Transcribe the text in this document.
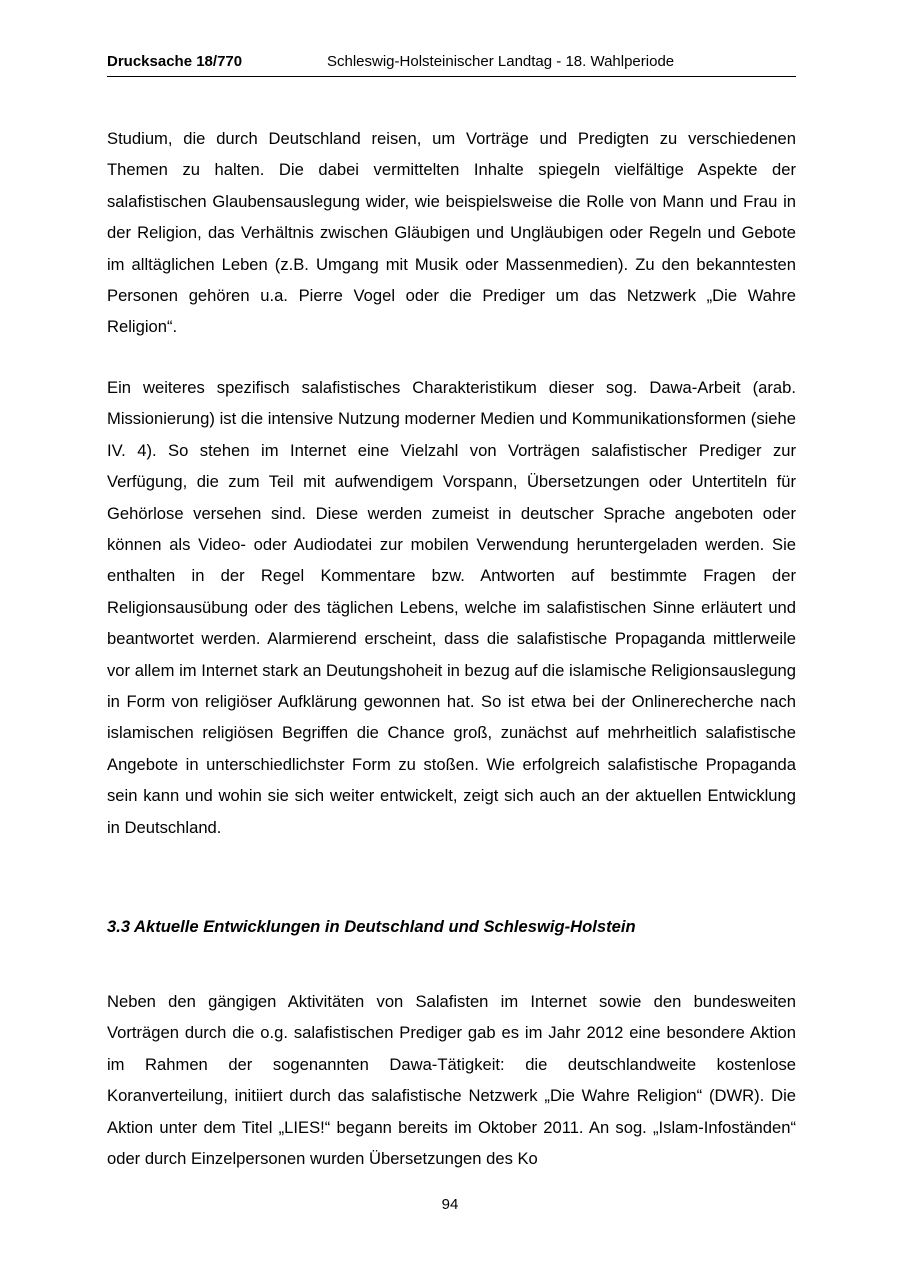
Drucksache 18/770	Schleswig-Holsteinischer Landtag - 18. Wahlperiode
Studium, die durch Deutschland reisen, um Vorträge und Predigten zu verschiedenen Themen zu halten. Die dabei vermittelten Inhalte spiegeln vielfältige Aspekte der salafistischen Glaubensauslegung wider, wie beispielsweise die Rolle von Mann und Frau in der Religion, das Verhältnis zwischen Gläubigen und Ungläubigen oder Regeln und Gebote im alltäglichen Leben (z.B. Umgang mit Musik oder Massenmedien). Zu den bekanntesten Personen gehören u.a. Pierre Vogel oder die Prediger um das Netzwerk „Die Wahre Religion“.
Ein weiteres spezifisch salafistisches Charakteristikum dieser sog. Dawa-Arbeit (arab. Missionierung) ist die intensive Nutzung moderner Medien und Kommunikationsformen (siehe IV. 4). So stehen im Internet eine Vielzahl von Vorträgen salafistischer Prediger zur Verfügung, die zum Teil mit aufwendigem Vorspann, Übersetzungen oder Untertiteln für Gehörlose versehen sind. Diese werden zumeist in deutscher Sprache angeboten oder können als Video- oder Audiodatei zur mobilen Verwendung heruntergeladen werden. Sie enthalten in der Regel Kommentare bzw. Antworten auf bestimmte Fragen der Religionsausübung oder des täglichen Lebens, welche im salafistischen Sinne erläutert und beantwortet werden. Alarmierend erscheint, dass die salafistische Propaganda mittlerweile vor allem im Internet stark an Deutungshoheit in bezug auf die islamische Religionsauslegung in Form von religiöser Aufklärung gewonnen hat. So ist etwa bei der Onlinerecherche nach islamischen religiösen Begriffen die Chance groß, zunächst auf mehrheitlich salafistische Angebote in unterschiedlichster Form zu stoßen. Wie erfolgreich salafistische Propaganda sein kann und wohin sie sich weiter entwickelt, zeigt sich auch an der aktuellen Entwicklung in Deutschland.
3.3 Aktuelle Entwicklungen in Deutschland und Schleswig-Holstein
Neben den gängigen Aktivitäten von Salafisten im Internet sowie den bundesweiten Vorträgen durch die o.g. salafistischen Prediger gab es im Jahr 2012 eine besondere Aktion im Rahmen der sogenannten Dawa-Tätigkeit: die deutschlandweite kostenlose Koranverteilung, initiiert durch das salafistische Netzwerk „Die Wahre Religion“ (DWR). Die Aktion unter dem Titel „LIES!“ begann bereits im Oktober 2011. An sog. „Islam-Infoständen“ oder durch Einzelpersonen wurden Übersetzungen des Ko
94
